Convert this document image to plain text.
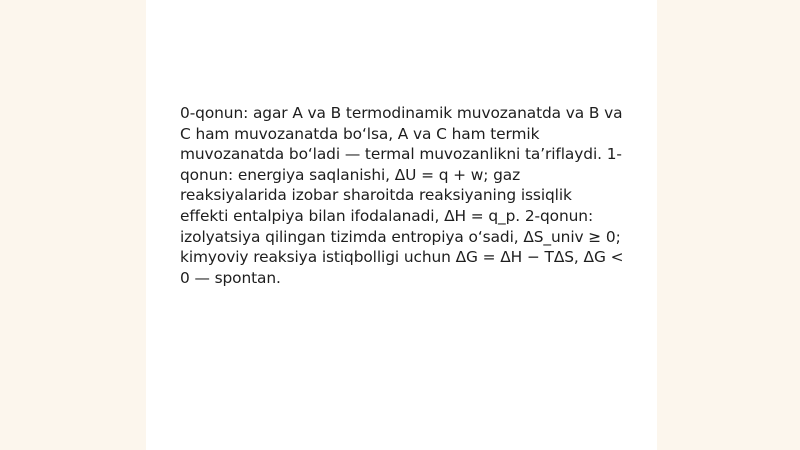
0-qonun: agar A va B termodinamik muvozanatda va B va C ham muvozanatda bo‘lsa, A va C ham termik muvozanatda bo‘ladi — termal muvozanlikni ta’riflaydi. 1-qonun: energiya saqlanishi, ΔU = q + w; gaz reaksiyalarida izobar sharoitda reaksiyaning issiqlik effekti entalpiya bilan ifodalanadi, ΔH = q_p. 2-qonun: izolyatsiya qilingan tizimda entropiya o‘sadi, ΔS_univ ≥ 0; kimyoviy reaksiya istiqbolligi uchun ΔG = ΔH − TΔS, ΔG < 0 — spontan.
